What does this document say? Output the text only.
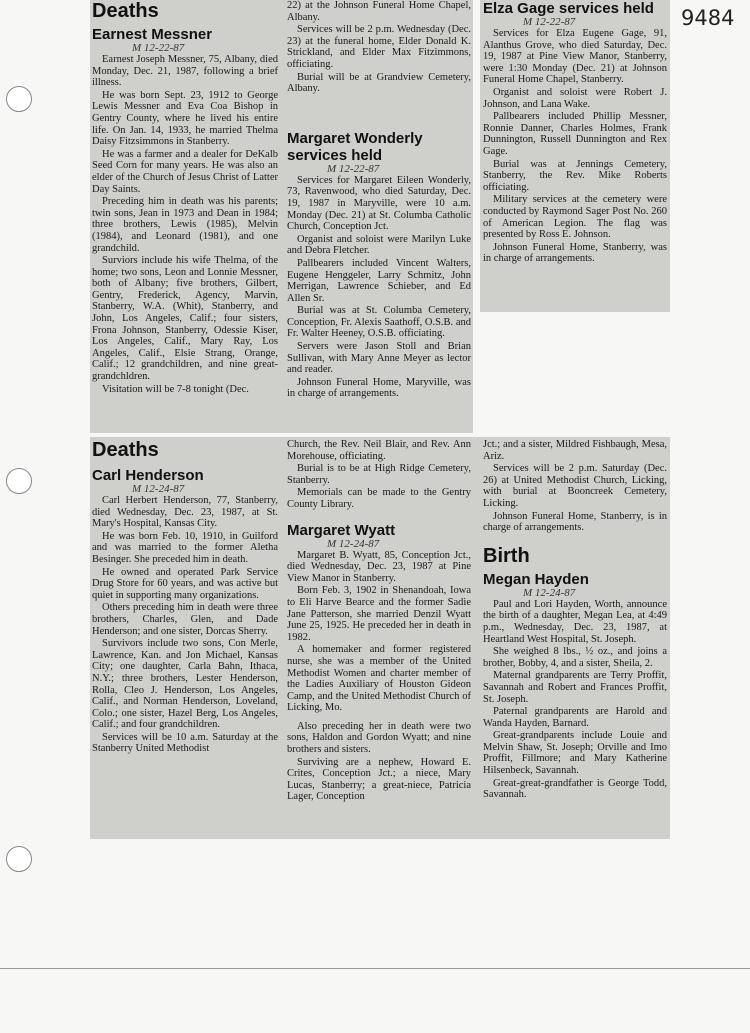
9484
Deaths
Earnest Messner
M 12-22-87

Earnest Joseph Messner, 75, Albany, died Monday, Dec. 21, 1987, following a brief illness.

He was born Sept. 23, 1912 to George Lewis Messner and Eva Coa Bishop in Gentry County, where he lived his entire life. On Jan. 14, 1933, he married Thelma Daisy Fitzsimmons in Stanberry.

He was a farmer and a dealer for DeKalb Seed Corn for many years. He was also an elder of the Church of Jesus Christ of Latter Day Saints.

Preceding him in death was his parents; twin sons, Jean in 1973 and Dean in 1984; three brothers, Lewis (1985), Melvin (1984), and Leonard (1981), and one grandchild.

Surviors include his wife Thelma, of the home; two sons, Leon and Lonnie Messner, both of Albany; five brothers, Gilbert, Gentry, Frederick, Agency, Marvin, Stanberry, W.A. (Whit), Stanberry, and John, Los Angeles, Calif.; four sisters, Frona Johnson, Stanberry, Odessie Kiser, Los Angeles, Calif., Mary Ray, Los Angeles, Calif., Elsie Strang, Orange, Calif.; 12 grandchildren, and nine great-grandchldren.

Visitation will be 7-8 tonight (Dec.

22) at the Johnson Funeral Home Chapel, Albany.

Services will be 2 p.m. Wednesday (Dec. 23) at the funeral home, Elder Donald K. Strickland, and Elder Max Fitzimmons, officiating.

Burial will be at Grandview Cemetery, Albany.

Margaret Wonderly services held
M 12-22-87

Services for Margaret Eileen Wonderly, 73, Ravenwood, who died Saturday, Dec. 19, 1987 in Maryville, were 10 a.m. Monday (Dec. 21) at St. Columba Catholic Church, Conception Jct.

Organist and soloist were Marilyn Luke and Debra Fletcher.

Pallbearers included Vincent Walters, Eugene Henggeler, Larry Schmitz, John Merrigan, Lawrence Schieber, and Ed Allen Sr.

Burial was at St. Columba Cemetery, Conception, Fr. Alexis Saathoff, O.S.B. and Fr. Walter Heeney, O.S.B. officiating.

Servers were Jason Stoll and Brian Sullivan, with Mary Anne Meyer as lector and reader.

Johnson Funeral Home, Maryville, was in charge of arrangements.

Elza Gage services held
M 12-22-87

Services for Elza Eugene Gage, 91, Alanthus Grove, who died Saturday, Dec. 19, 1987 at Pine View Manor, Stanberry, were 1:30 Monday (Dec. 21) at Johnson Funeral Home Chapel, Stanberry.

Organist and soloist were Robert J. Johnson, and Lana Wake.

Pallbearers included Phillip Messner, Ronnie Danner, Charles Holmes, Frank Dunnington, Russell Dunnington and Rex Gage.

Burial was at Jennings Cemetery, Stanberry, the Rev. Mike Roberts officiating.

Military services at the cemetery were conducted by Raymond Sager Post No. 260 of American Legion. The flag was presented by Ross E. Johnson.

Johnson Funeral Home, Stanberry, was in charge of arrangements.

Deaths
Carl Henderson
M 12-24-87

Carl Herbert Henderson, 77, Stanberry, died Wednesday, Dec. 23, 1987, at St. Mary's Hospital, Kansas City.

He was born Feb. 10, 1910, in Guilford and was married to the former Aletha Besinger. She preceded him in death.

He owned and operated Park Service Drug Store for 60 years, and was active but quiet in supporting many organizations.

Others preceding him in death were three brothers, Charles, Glen, and Dade Henderson; and one sister, Dorcas Sherry.

Survivors include two sons, Con Merle, Lawrence, Kan. and Jon Michael, Kansas City; one daughter, Carla Bahn, Ithaca, N.Y.; three brothers, Lester Henderson, Rolla, Cleo J. Henderson, Los Angeles, Calif., and Norman Henderson, Loveland, Colo.; one sister, Hazel Berg, Los Angeles, Calif.; and four grandchildren.

Services will be 10 a.m. Saturday at the Stanberry United Methodist

Church, the Rev. Neil Blair, and Rev. Ann Morehouse, officiating.

Burial is to be at High Ridge Cemetery, Stanberry.

Memorials can be made to the Gentry County Library.

Margaret Wyatt
M 12-24-87

Margaret B. Wyatt, 85, Conception Jct., died Wednesday, Dec. 23, 1987 at Pine View Manor in Stanberry.

Born Feb. 3, 1902 in Shenandoah, Iowa to Eli Harve Bearce and the former Sadie Jane Patterson, she married Denzil Wyatt June 25, 1925. He preceded her in death in 1982.

A homemaker and former registered nurse, she was a member of the United Methodist Women and charter member of the Ladies Auxiliary of Houston Gideon Camp, and the United Methodist Church of Licking, Mo.

Also preceding her in death were two sons, Haldon and Gordon Wyatt; and nine brothers and sisters.

Surviving are a nephew, Howard E. Crites, Conception Jct.; a niece, Mary Lucas, Stanberry; a great-niece, Patricia Lager, Conception

Jct.; and a sister, Mildred Fishbaugh, Mesa, Ariz.

Services will be 2 p.m. Saturday (Dec. 26) at United Methodist Church, Licking, with burial at Booncreek Cemetery, Licking.

Johnson Funeral Home, Stanberry, is in charge of arrangements.

Birth
Megan Hayden
M 12-24-87

Paul and Lori Hayden, Worth, announce the birth of a daughter, Megan Lea, at 4:49 p.m., Wednesday, Dec. 23, 1987, at Heartland West Hospital, St. Joseph.

She weighed 8 lbs., ½ oz., and joins a brother, Bobby, 4, and a sister, Sheila, 2.

Maternal grandparents are Terry Proffit, Savannah and Robert and Frances Proffit, St. Joseph.

Paternal grandparents are Harold and Wanda Hayden, Barnard.

Great-grandparents include Louie and Melvin Shaw, St. Joseph; Orville and Imo Proffit, Fillmore; and Mary Katherine Hilsenbeck, Savannah.

Great-great-grandfather is George Todd, Savannah.
